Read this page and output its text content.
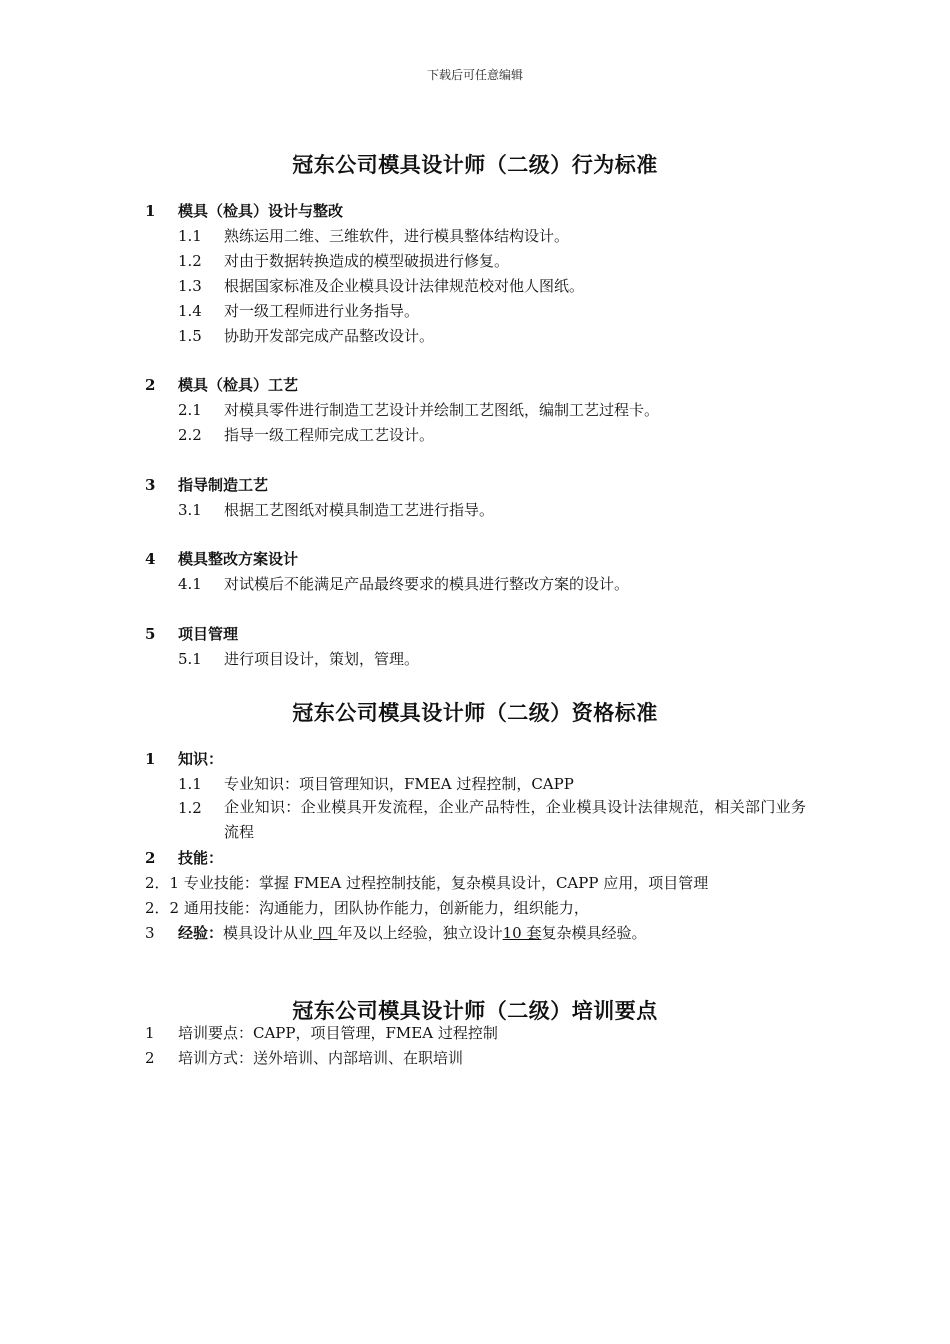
下载后可任意编辑
冠东公司模具设计师（二级）行为标准
1 模具（检具）设计与整改
1.1 熟练运用二维、三维软件，进行模具整体结构设计。
1.2 对由于数据转换造成的模型破损进行修复。
1.3 根据国家标准及企业模具设计法律规范校对他人图纸。
1.4 对一级工程师进行业务指导。
1.5 协助开发部完成产品整改设计。
2 模具（检具）工艺
2.1 对模具零件进行制造工艺设计并绘制工艺图纸，编制工艺过程卡。
2.2 指导一级工程师完成工艺设计。
3 指导制造工艺
3.1 根据工艺图纸对模具制造工艺进行指导。
4 模具整改方案设计
4.1 对试模后不能满足产品最终要求的模具进行整改方案的设计。
5 项目管理
5.1 进行项目设计，策划，管理。
冠东公司模具设计师（二级）资格标准
1 知识：
1.1 专业知识：项目管理知识，FMEA 过程控制，CAPP
1.2 企业知识：企业模具开发流程，企业产品特性，企业模具设计法律规范，相关部门业务流程
2 技能：
2．1 专业技能：掌握 FMEA 过程控制技能，复杂模具设计，CAPP 应用，项目管理
2．2 通用技能：沟通能力，团队协作能力，创新能力，组织能力，
3 经验：模具设计从业 四 年及以上经验，独立设计10 套复杂模具经验。
冠东公司模具设计师（二级）培训要点
1 培训要点：CAPP，项目管理，FMEA 过程控制
2 培训方式：送外培训、内部培训、在职培训
